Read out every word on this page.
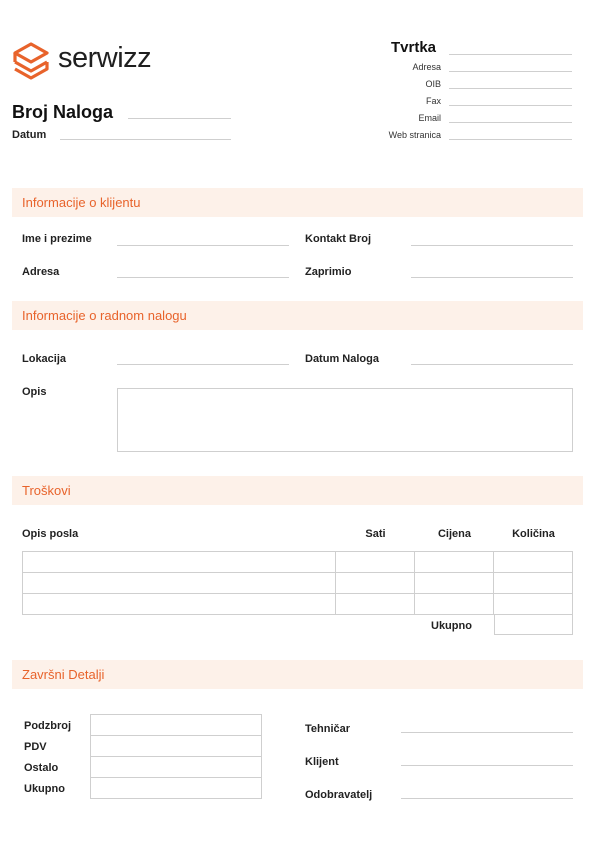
serwizz
Broj Naloga
Datum
Tvrtka
Adresa
OIB
Fax
Email
Web stranica
Informacije o klijentu
Ime i prezime	Kontakt Broj
Adresa	Zaprimio
Informacije o radnom nalogu
Lokacija	Datum Naloga
Opis
Troškovi
Opis posla	Sati	Cijena	Količina

Ukupno
Završni Detalji
Podzbroj
PDV
Ostalo
Ukupno

Tehničar
Klijent
Odobravatelj
